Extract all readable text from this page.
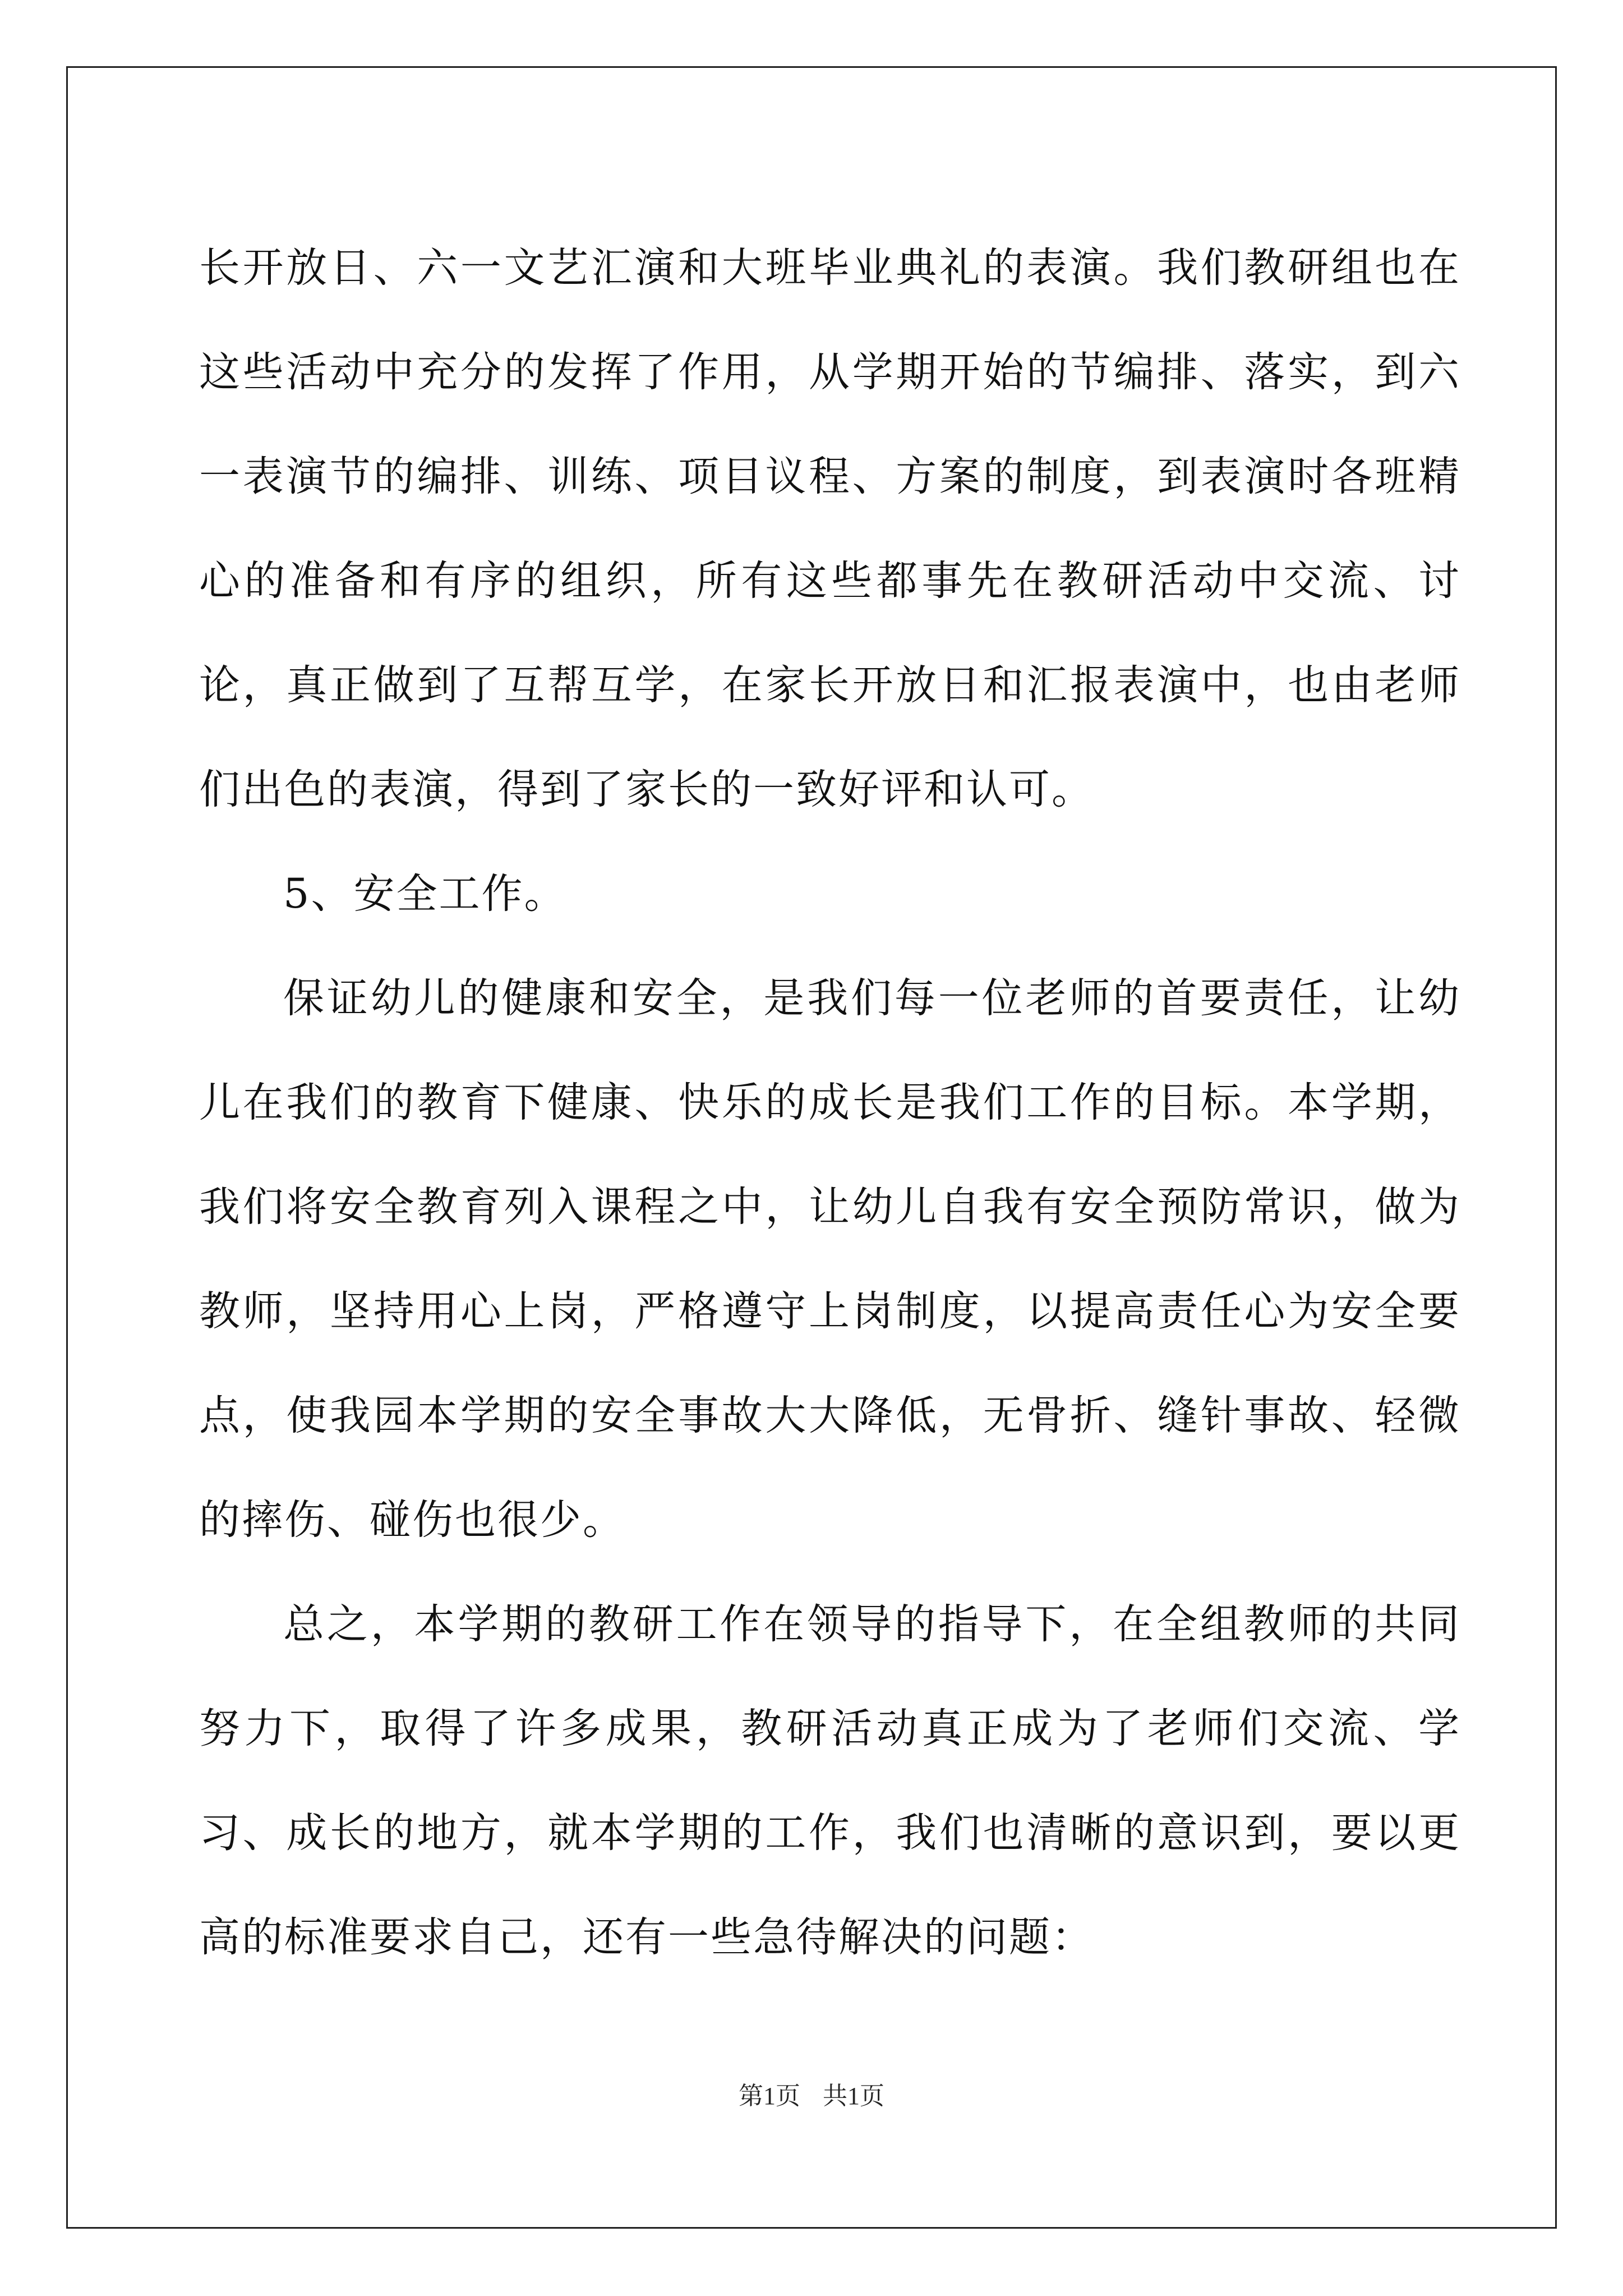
长开放日、六一文艺汇演和大班毕业典礼的表演。我们教研组也在这些活动中充分的发挥了作用，从学期开始的节编排、落实，到六一表演节的编排、训练、项目议程、方案的制度，到表演时各班精心的准备和有序的组织，所有这些都事先在教研活动中交流、讨论，真正做到了互帮互学，在家长开放日和汇报表演中，也由老师们出色的表演，得到了家长的一致好评和认可。

5、安全工作。

保证幼儿的健康和安全，是我们每一位老师的首要责任，让幼儿在我们的教育下健康、快乐的成长是我们工作的目标。本学期，我们将安全教育列入课程之中，让幼儿自我有安全预防常识，做为教师，坚持用心上岗，严格遵守上岗制度，以提高责任心为安全要点，使我园本学期的安全事故大大降低，无骨折、缝针事故、轻微的摔伤、碰伤也很少。

总之，本学期的教研工作在领导的指导下，在全组教师的共同努力下，取得了许多成果，教研活动真正成为了老师们交流、学习、成长的地方，就本学期的工作，我们也清晰的意识到，要以更高的标准要求自己，还有一些急待解决的问题：

第1页 共1页
